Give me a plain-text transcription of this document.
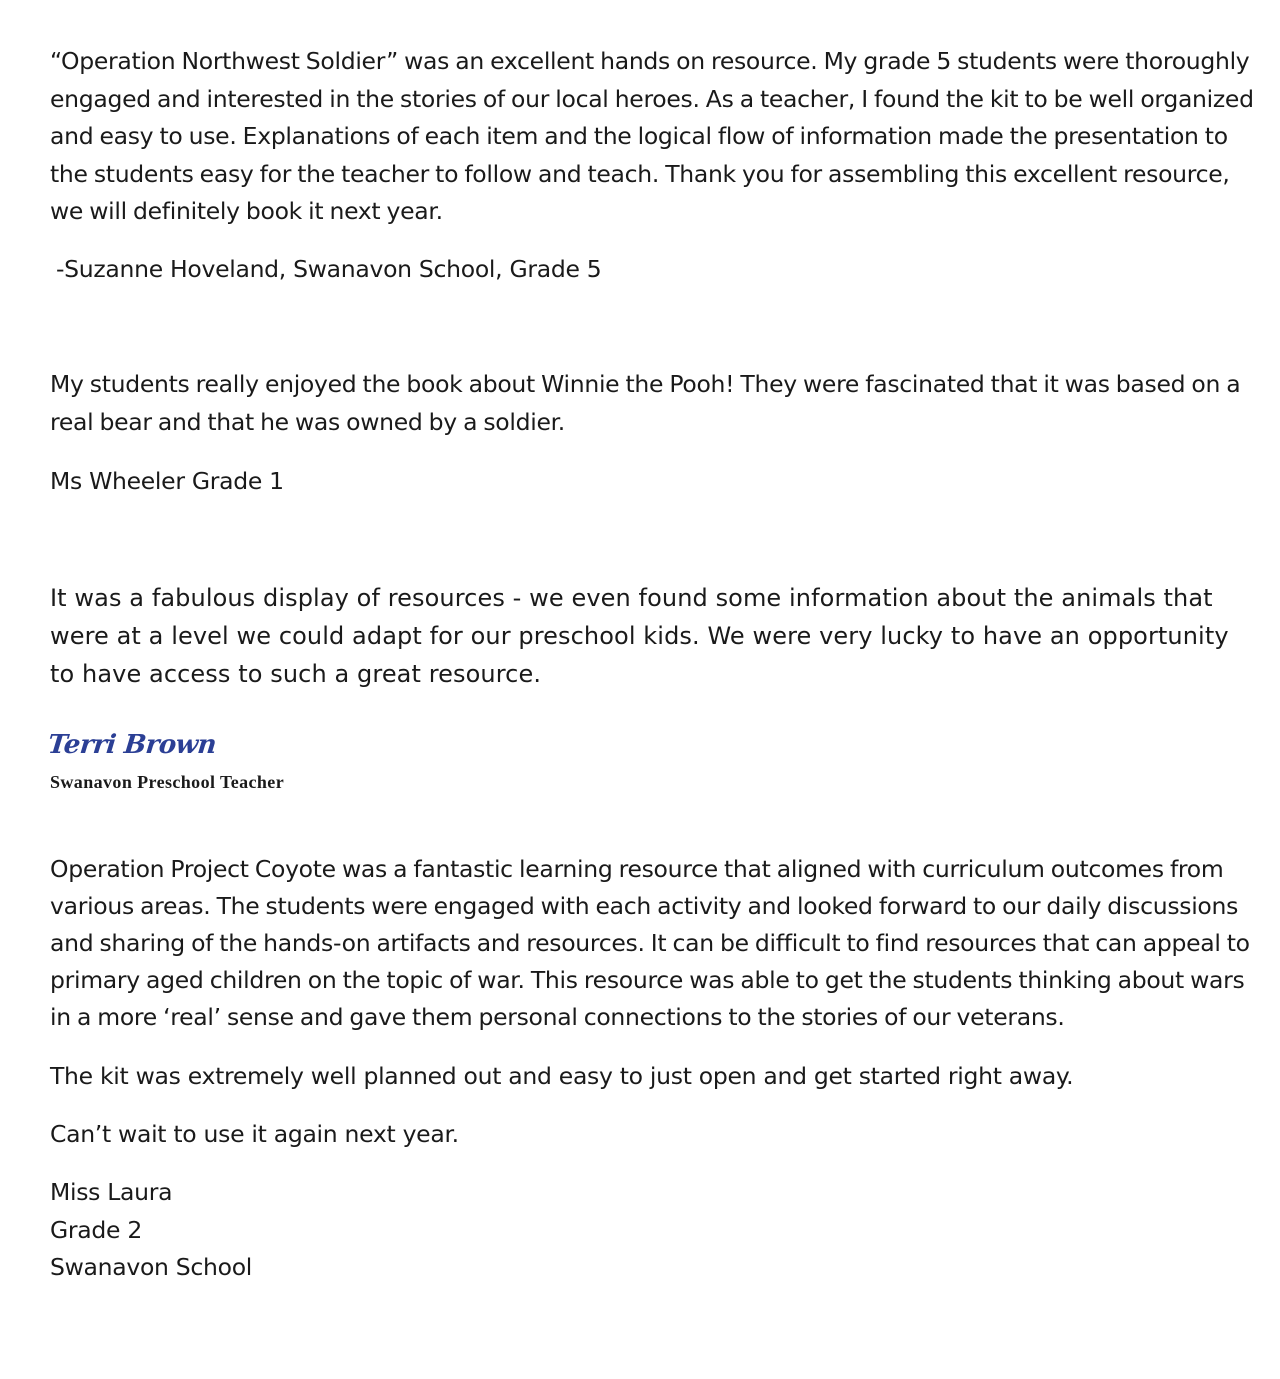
“Operation Northwest Soldier” was an excellent hands on resource. My grade 5 students were thoroughly engaged and interested in the stories of our local heroes. As a teacher, I found the kit to be well organized and easy to use. Explanations of each item and the logical flow of information made the presentation to the students easy for the teacher to follow and teach. Thank you for assembling this excellent resource, we will definitely book it next year.

-Suzanne Hoveland, Swanavon School, Grade 5

My students really enjoyed the book about Winnie the Pooh! They were fascinated that it was based on a real bear and that he was owned by a soldier.

Ms Wheeler Grade 1

It was a fabulous display of resources - we even found some information about the animals that were at a level we could adapt for our preschool kids. We were very lucky to have an opportunity to have access to such a great resource.

Terri Brown

Swanavon Preschool Teacher

Operation Project Coyote was a fantastic learning resource that aligned with curriculum outcomes from various areas. The students were engaged with each activity and looked forward to our daily discussions and sharing of the hands-on artifacts and resources. It can be difficult to find resources that can appeal to primary aged children on the topic of war. This resource was able to get the students thinking about wars in a more ‘real’ sense and gave them personal connections to the stories of our veterans.

The kit was extremely well planned out and easy to just open and get started right away.

Can’t wait to use it again next year.

Miss Laura

Grade 2

Swanavon School
